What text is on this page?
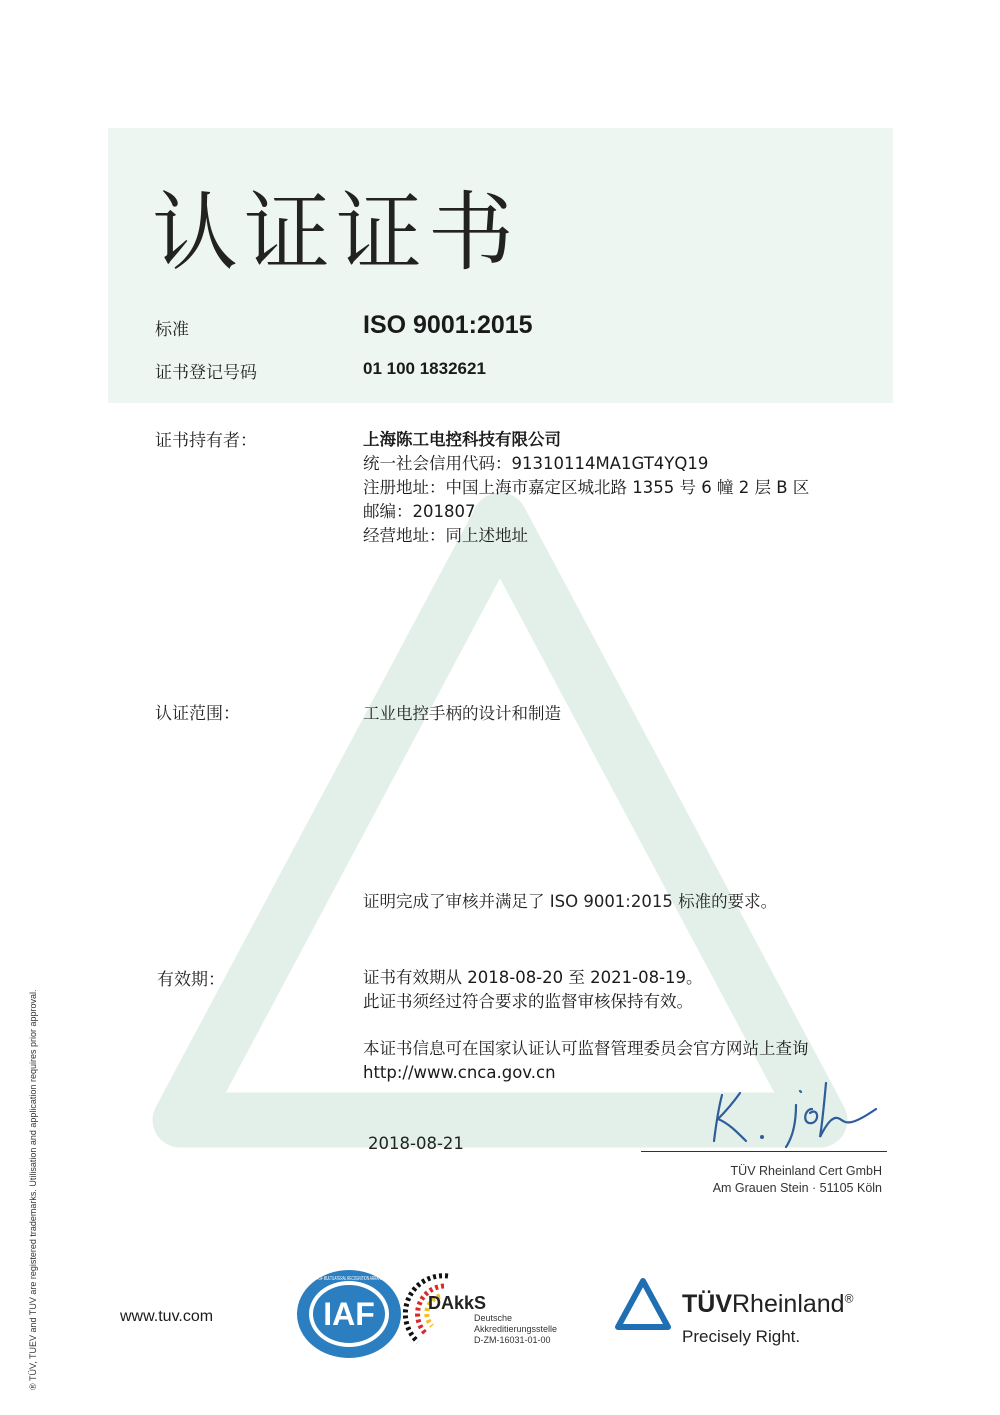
认证证书
标准	ISO 9001:2015
证书登记号码	01 100 1832621
证书持有者：	上海陈工电控科技有限公司
统一社会信用代码：91310114MA1GT4YQ19
注册地址：中国上海市嘉定区城北路 1355 号 6 幢 2 层 B 区
邮编：201807
经营地址：同上述地址
认证范围：	工业电控手柄的设计和制造
证明完成了审核并满足了 ISO 9001:2015 标准的要求。
有效期：	证书有效期从 2018-08-20 至 2021-08-19。
此证书须经过符合要求的监督审核保持有效。
本证书信息可在国家认证认可监督管理委员会官方网站上查询
http://www.cnca.gov.cn
2018-08-21
TÜV Rheinland Cert GmbH
Am Grauen Stein · 51105 Köln
® TÜV, TUEV and TUV are registered trademarks. Utilisation and application requires prior approval.	www.tuv.com	IAF
MEMBER OF MULTILATERAL RECOGNITION ARRANGEMENT
DAkkS
Deutsche
Akkreditierungsstelle
D-ZM-16031-01-00
TÜVRheinland®
Precisely Right.
